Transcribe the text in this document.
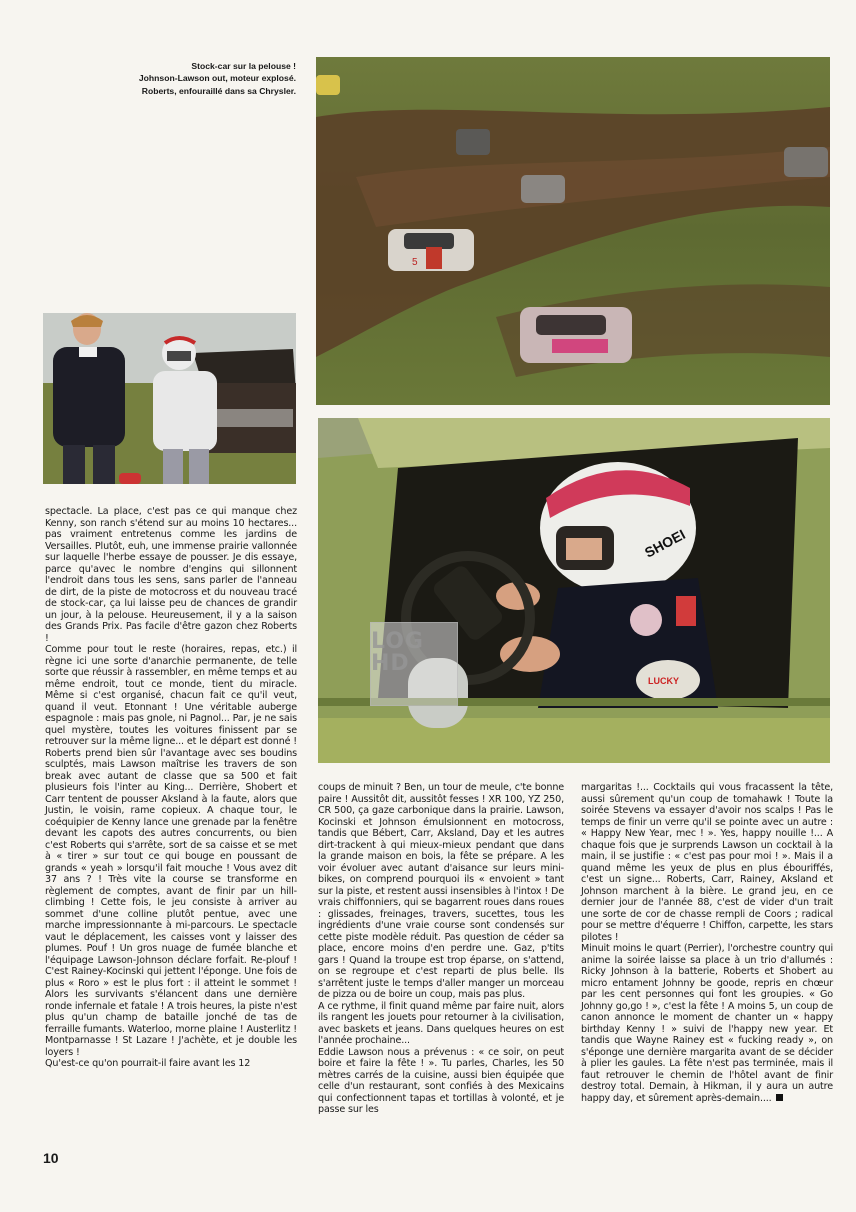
Stock-car sur la pelouse !
Johnson-Lawson out, moteur explosé.
Roberts, enfouraillé dans sa Chrysler.
5
SHOEI
LUCKY
LOG HD

spectacle. La place, c'est pas ce qui manque chez Kenny, son ranch s'étend sur au moins 10 hectares... pas vraiment entretenus comme les jardins de Versailles. Plutôt, euh, une immense prairie vallonnée sur laquelle l'herbe essaye de pousser. Je dis essaye, parce qu'avec le nombre d'engins qui sillonnent l'endroit dans tous les sens, sans parler de l'anneau de dirt, de la piste de motocross et du nouveau tracé de stock-car, ça lui laisse peu de chances de grandir un jour, à la pelouse. Heureusement, il y a la saison des Grands Prix. Pas facile d'être gazon chez Roberts !

Comme pour tout le reste (horaires, repas, etc.) il règne ici une sorte d'anarchie permanente, de telle sorte que réussir à rassembler, en même temps et au même endroit, tout ce monde, tient du miracle. Même si c'est organisé, chacun fait ce qu'il veut, quand il veut. Etonnant ! Une véritable auberge espagnole : mais pas gnole, ni Pagnol... Par, je ne sais quel mystère, toutes les voitures finissent par se retrouver sur la même ligne... et le départ est donné ! Roberts prend bien sûr l'avantage avec ses boudins sculptés, mais Lawson maîtrise les travers de son break avec autant de classe que sa 500 et fait plusieurs fois l'inter au King... Derrière, Shobert et Carr tentent de pousser Aksland à la faute, alors que Justin, le voisin, rame copieux. A chaque tour, le coéquipier de Kenny lance une grenade par la fenêtre devant les capots des autres concurrents, ou bien c'est Roberts qui s'arrête, sort de sa caisse et se met à « tirer » sur tout ce qui bouge en poussant de grands « yeah » lorsqu'il fait mouche ! Vous avez dit 37 ans ? ! Très vite la course se transforme en règlement de comptes, avant de finir par un hill-climbing ! Cette fois, le jeu consiste à arriver au sommet d'une colline plutôt pentue, avec une marche impressionnante à mi-parcours. Le spectacle vaut le déplacement, les caisses vont y laisser des plumes. Pouf ! Un gros nuage de fumée blanche et l'équipage Lawson-Johnson déclare forfait. Re-plouf ! C'est Rainey-Kocinski qui jettent l'éponge. Une fois de plus « Roro » est le plus fort : il atteint le sommet ! Alors les survivants s'élancent dans une dernière ronde infernale et fatale ! A trois heures, la piste n'est plus qu'un champ de bataille jonché de tas de ferraille fumants. Waterloo, morne plaine ! Austerlitz ! Montparnasse ! St Lazare ! J'achète, et je double les loyers !

Qu'est-ce qu'on pourrait-il faire avant les 12

coups de minuit ? Ben, un tour de meule, c'te bonne paire ! Aussitôt dit, aussitôt fesses ! XR 100, YZ 250, CR 500, ça gaze carbonique dans la prairie. Lawson, Kocinski et Johnson émulsionnent en motocross, tandis que Bébert, Carr, Aksland, Day et les autres dirt-trackent à qui mieux-mieux pendant que dans la grande maison en bois, la fête se prépare. A les voir évoluer avec autant d'aisance sur leurs mini-bikes, on comprend pourquoi ils « envoient » tant sur la piste, et restent aussi insensibles à l'intox ! De vrais chiffonniers, qui se bagarrent roues dans roues : glissades, freinages, travers, sucettes, tous les ingrédients d'une vraie course sont condensés sur cette piste modèle réduit. Pas question de céder sa place, encore moins d'en perdre une. Gaz, p'tits gars ! Quand la troupe est trop éparse, on s'attend, on se regroupe et c'est reparti de plus belle. Ils s'arrêtent juste le temps d'aller manger un morceau de pizza ou de boire un coup, mais pas plus.

A ce rythme, il finit quand même par faire nuit, alors ils rangent les jouets pour retourner à la civilisation, avec baskets et jeans. Dans quelques heures on est l'année prochaine...

Eddie Lawson nous a prévenus : « ce soir, on peut boire et faire la fête ! ». Tu parles, Charles, les 50 mètres carrés de la cuisine, aussi bien équipée que celle d'un restaurant, sont confiés à des Mexicains qui confectionnent tapas et tortillas à volonté, et je passe sur les

margaritas !... Cocktails qui vous fracassent la tête, aussi sûrement qu'un coup de tomahawk ! Toute la soirée Stevens va essayer d'avoir nos scalps ! Pas le temps de finir un verre qu'il se pointe avec un autre : « Happy New Year, mec ! ». Yes, happy nouille !... A chaque fois que je surprends Lawson un cocktail à la main, il se justifie : « c'est pas pour moi ! ». Mais il a quand même les yeux de plus en plus ébouriffés, c'est un signe... Roberts, Carr, Rainey, Aksland et Johnson marchent à la bière. Le grand jeu, en ce dernier jour de l'année 88, c'est de vider d'un trait une sorte de cor de chasse rempli de Coors ; radical pour se mettre d'équerre ! Chiffon, carpette, les stars pilotes !

Minuit moins le quart (Perrier), l'orchestre country qui anime la soirée laisse sa place à un trio d'allumés : Ricky Johnson à la batterie, Roberts et Shobert au micro entament Johnny be goode, repris en chœur par les cent personnes qui font les groupies. « Go Johnny go,go ! », c'est la fête ! A moins 5, un coup de canon annonce le moment de chanter un « happy birthday Kenny ! » suivi de l'happy new year. Et tandis que Wayne Rainey est « fucking ready », on s'éponge une dernière margarita avant de se décider à plier les gaules. La fête n'est pas terminée, mais il faut retrouver le chemin de l'hôtel avant de finir destroy total. Demain, à Hikman, il y aura un autre happy day, et sûrement après-demain....

10
